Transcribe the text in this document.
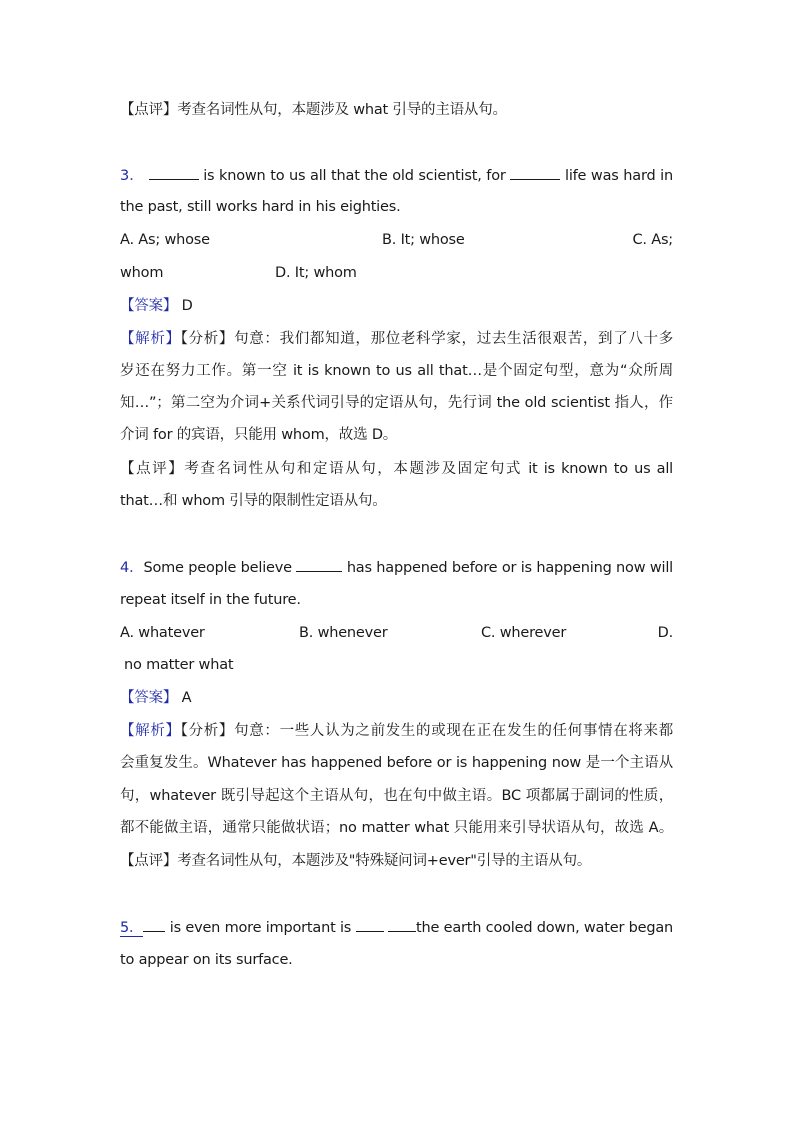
【点评】考查名词性从句，本题涉及 what 引导的主语从句。
3．	is known to us all that the old scientist, for	life was hard in
the past, still works hard in his eighties.
A. As; whose	B. It; whose	C. As;
whom	D. It; whom
【答案】 D
【解析】【分析】句意：我们都知道，那位老科学家，过去生活很艰苦，到了八十多
岁还在努力工作。第一空 it is known to us all that…是个固定句型，意为“众所周
知…”；第二空为介词+关系代词引导的定语从句，先行词 the old scientist 指人，作
介词 for 的宾语，只能用 whom，故选 D。
【点评】考查名词性从句和定语从句，本题涉及固定句式 it is known to us all
that…和 whom 引导的限制性定语从句。
4．Some people believe	has happened before or is happening now will
repeat itself in the future.
A. whatever	B. whenever	C. wherever	D.
no matter what
【答案】 A
【解析】【分析】句意：一些人认为之前发生的或现在正在发生的任何事情在将来都
会重复发生。Whatever has happened before or is happening now 是一个主语从
句，whatever 既引导起这个主语从句，也在句中做主语。BC 项都属于副词的性质，
都不能做主语，通常只能做状语；no matter what 只能用来引导状语从句，故选 A。
【点评】考查名词性从句，本题涉及"特殊疑问词+ever"引导的主语从句。
5． is even more important is	the earth cooled down, water began
to appear on its surface.
